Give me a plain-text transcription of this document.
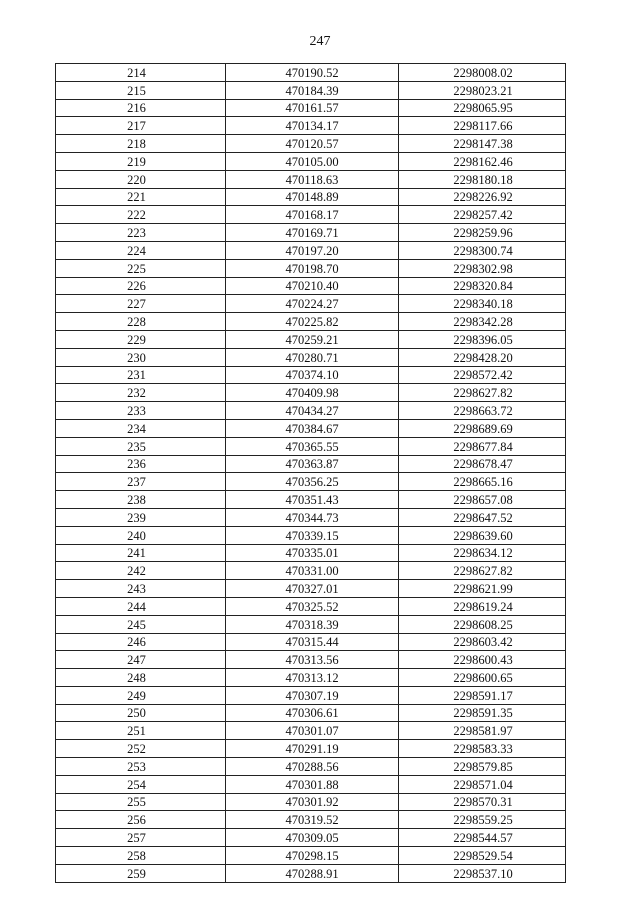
247
214	470190.52	2298008.02
215	470184.39	2298023.21
216	470161.57	2298065.95
217	470134.17	2298117.66
218	470120.57	2298147.38
219	470105.00	2298162.46
220	470118.63	2298180.18
221	470148.89	2298226.92
222	470168.17	2298257.42
223	470169.71	2298259.96
224	470197.20	2298300.74
225	470198.70	2298302.98
226	470210.40	2298320.84
227	470224.27	2298340.18
228	470225.82	2298342.28
229	470259.21	2298396.05
230	470280.71	2298428.20
231	470374.10	2298572.42
232	470409.98	2298627.82
233	470434.27	2298663.72
234	470384.67	2298689.69
235	470365.55	2298677.84
236	470363.87	2298678.47
237	470356.25	2298665.16
238	470351.43	2298657.08
239	470344.73	2298647.52
240	470339.15	2298639.60
241	470335.01	2298634.12
242	470331.00	2298627.82
243	470327.01	2298621.99
244	470325.52	2298619.24
245	470318.39	2298608.25
246	470315.44	2298603.42
247	470313.56	2298600.43
248	470313.12	2298600.65
249	470307.19	2298591.17
250	470306.61	2298591.35
251	470301.07	2298581.97
252	470291.19	2298583.33
253	470288.56	2298579.85
254	470301.88	2298571.04
255	470301.92	2298570.31
256	470319.52	2298559.25
257	470309.05	2298544.57
258	470298.15	2298529.54
259	470288.91	2298537.10
